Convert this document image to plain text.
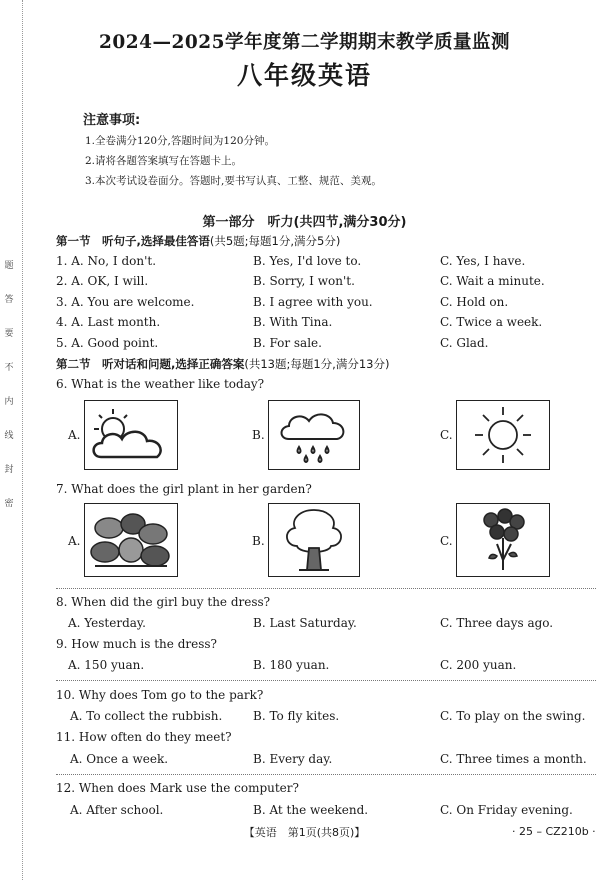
题
答
要
不
内
线
封
密
2024—2025学年度第二学期期末教学质量监测
八年级英语
注意事项:
1.全卷满分120分,答题时间为120分钟。
2.请将各题答案填写在答题卡上。
3.本次考试设卷面分。答题时,要书写认真、工整、规范、美观。
第一部分　听力(共四节,满分30分)
第一节　听句子,选择最佳答语(共5题;每题1分,满分5分)
1. A. No, I don't.	B. Yes, I'd love to.	C. Yes, I have.
2. A. OK, I will.	B. Sorry, I won't.	C. Wait a minute.
3. A. You are welcome.	B. I agree with you.	C. Hold on.
4. A. Last month.	B. With Tina.	C. Twice a week.
5. A. Good point.	B. For sale.	C. Glad.
第二节　听对话和问题,选择正确答案(共13题;每题1分,满分13分)
6. What is the weather like today?
A.	B.	C.
7. What does the girl plant in her garden?
A.	B.	C.
8. When did the girl buy the dress?
A. Yesterday.	B. Last Saturday.	C. Three days ago.
9. How much is the dress?
A. 150 yuan.	B. 180 yuan.	C. 200 yuan.
10. Why does Tom go to the park?
A. To collect the rubbish.	B. To fly kites.	C. To play on the swing.
11. How often do they meet?
A. Once a week.	B. Every day.	C. Three times a month.
12. When does Mark use the computer?
A. After school.	B. At the weekend.	C. On Friday evening.
【英语　第1页(共8页)】	· 25 – CZ210b ·
